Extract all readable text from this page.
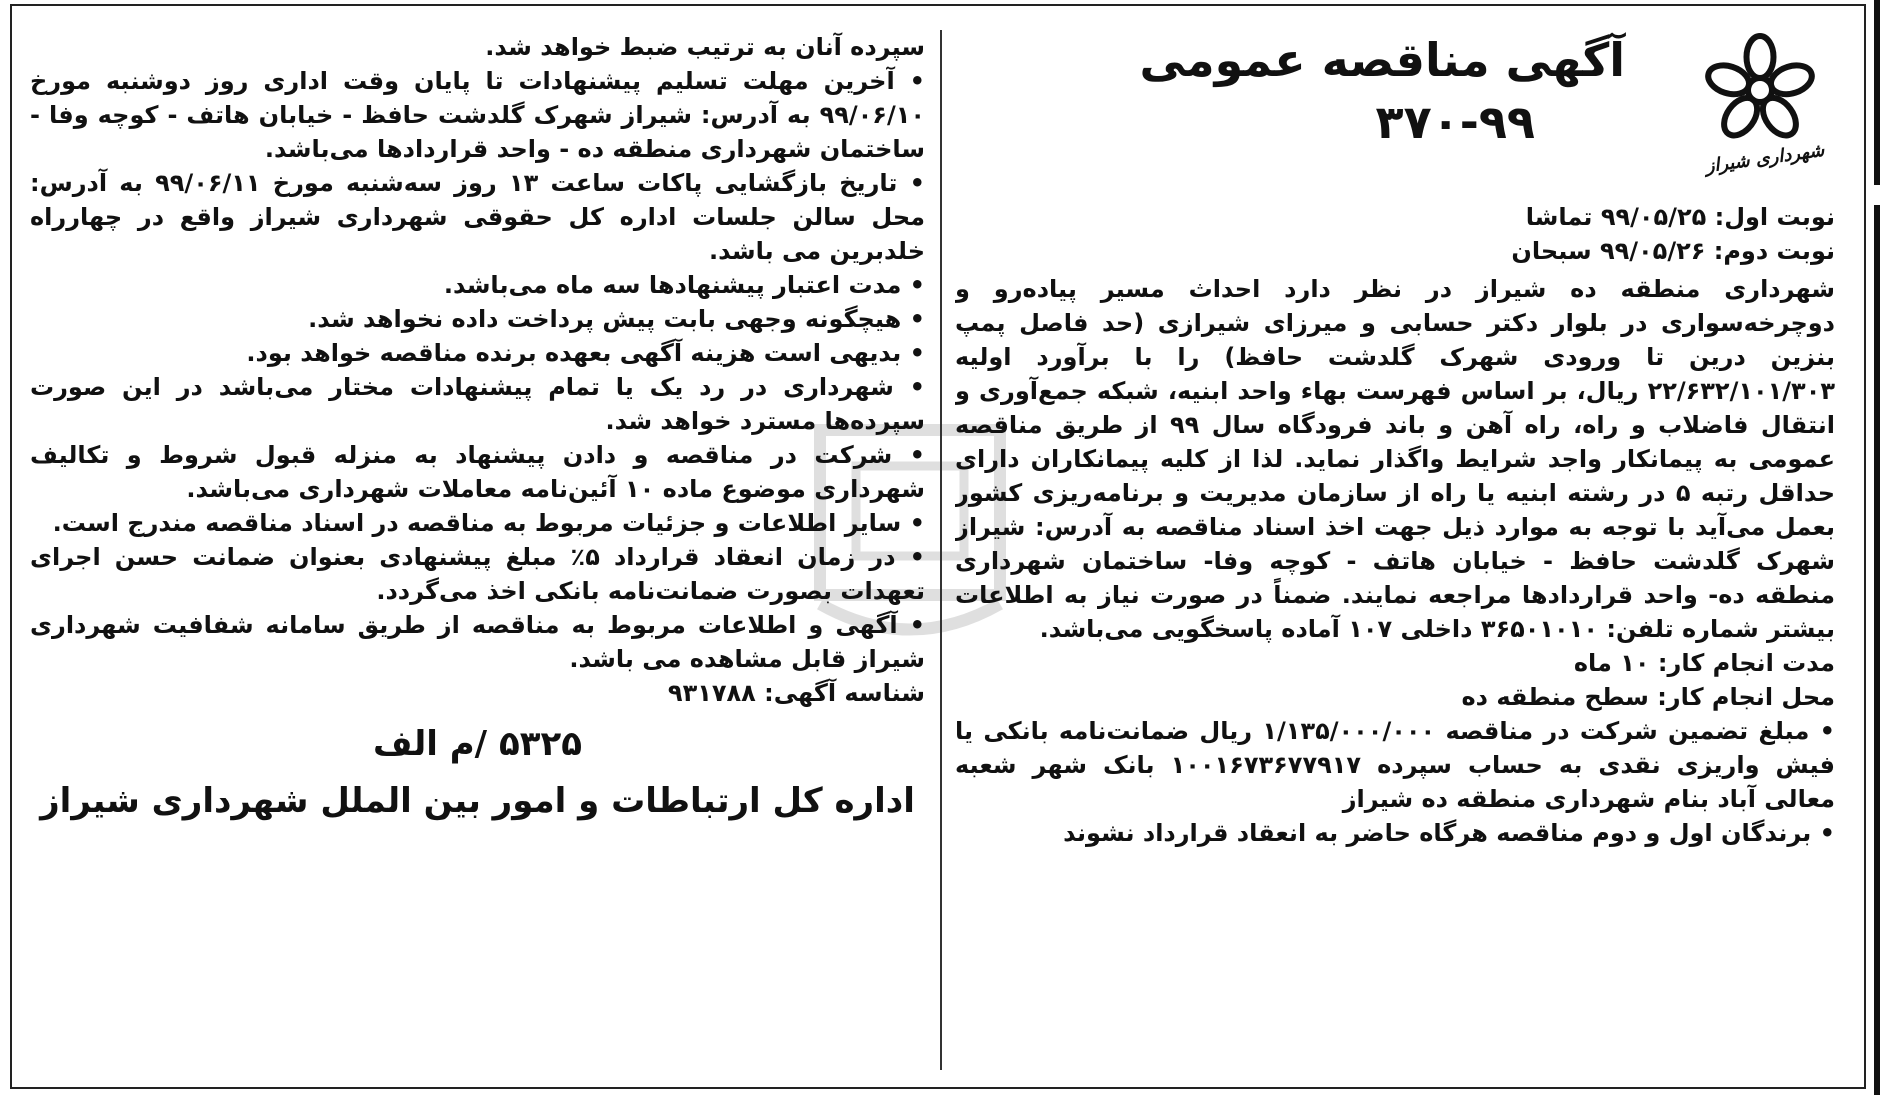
شهرداری شیراز
آگهی مناقصه عمومی
۳۷۰-۹۹
نوبت اول: ۹۹/۰۵/۲۵ تماشا
نوبت دوم: ۹۹/۰۵/۲۶ سبحان

شهرداری منطقه ده شیراز در نظر دارد احداث مسیر پیاده‌رو و دوچرخه‌سواری در بلوار دکتر حسابی و میرزای شیرازی (حد فاصل پمپ بنزین درین تا ورودی شهرک گلدشت حافظ) را با برآورد اولیه ۲۲/۶۳۲/۱۰۱/۳۰۳ ریال، بر اساس فهرست بهاء واحد ابنیه، شبکه جمع‌آوری و انتقال فاضلاب و راه، راه آهن و باند فرودگاه سال ۹۹ از طریق مناقصه عمومی به پیمانکار واجد شرایط واگذار نماید. لذا از کلیه پیمانکاران دارای حداقل رتبه ۵ در رشته ابنیه یا راه از سازمان مدیریت و برنامه‌ریزی کشور بعمل می‌آید با توجه به موارد ذیل جهت اخذ اسناد مناقصه به آدرس: شیراز شهرک گلدشت حافظ - خیابان هاتف - کوچه وفا- ساختمان شهرداری منطقه ده- واحد قراردادها مراجعه نمایند. ضمناً در صورت نیاز به اطلاعات بیشتر شماره تلفن: ۳۶۵۰۱۰۱۰ داخلی ۱۰۷ آماده پاسخگویی می‌باشد.

مدت انجام کار: ۱۰ ماه

محل انجام کار: سطح منطقه ده

• مبلغ تضمین شرکت در مناقصه ۱/۱۳۵/۰۰۰/۰۰۰ ریال ضمانت‌نامه بانکی یا فیش واریزی نقدی به حساب سپرده ۱۰۰۱۶۷۳۶۷۷۹۱۷ بانک شهر شعبه معالی آباد بنام شهرداری منطقه ده شیراز

• برندگان اول و دوم مناقصه هرگاه حاضر به انعقاد قرارداد نشوند

سپرده آنان به ترتیب ضبط خواهد شد.

• آخرین مهلت تسلیم پیشنهادات تا پایان وقت اداری روز دوشنبه مورخ ۹۹/۰۶/۱۰ به آدرس: شیراز شهرک گلدشت حافظ - خیابان هاتف - کوچه وفا - ساختمان شهرداری منطقه ده - واحد قراردادها می‌باشد.

• تاریخ بازگشایی پاکات ساعت ۱۳ روز سه‌شنبه مورخ ۹۹/۰۶/۱۱ به آدرس: محل سالن جلسات اداره کل حقوقی شهرداری شیراز واقع در چهارراه خلدبرین می باشد.

• مدت اعتبار پیشنهادها سه ماه می‌باشد.

• هیچگونه وجهی بابت پیش پرداخت داده نخواهد شد.

• بدیهی است هزینه آگهی بعهده برنده مناقصه خواهد بود.

• شهرداری در رد یک یا تمام پیشنهادات مختار می‌باشد در این صورت سپرده‌ها مسترد خواهد شد.

• شرکت در مناقصه و دادن پیشنهاد به منزله قبول شروط و تکالیف شهرداری موضوع ماده ۱۰ آئین‌نامه معاملات شهرداری می‌باشد.

• سایر اطلاعات و جزئیات مربوط به مناقصه در اسناد مناقصه مندرج است.

• در زمان انعقاد قرارداد ۵٪ مبلغ پیشنهادی بعنوان ضمانت حسن اجرای تعهدات بصورت ضمانت‌نامه بانکی اخذ می‌گردد.

• آگهی و اطلاعات مربوط به مناقصه از طریق سامانه شفافیت شهرداری شیراز قابل مشاهده می باشد.

شناسه آگهی: ۹۳۱۷۸۸

۵۳۲۵ /م الف
اداره کل ارتباطات و امور بین الملل شهرداری شیراز
